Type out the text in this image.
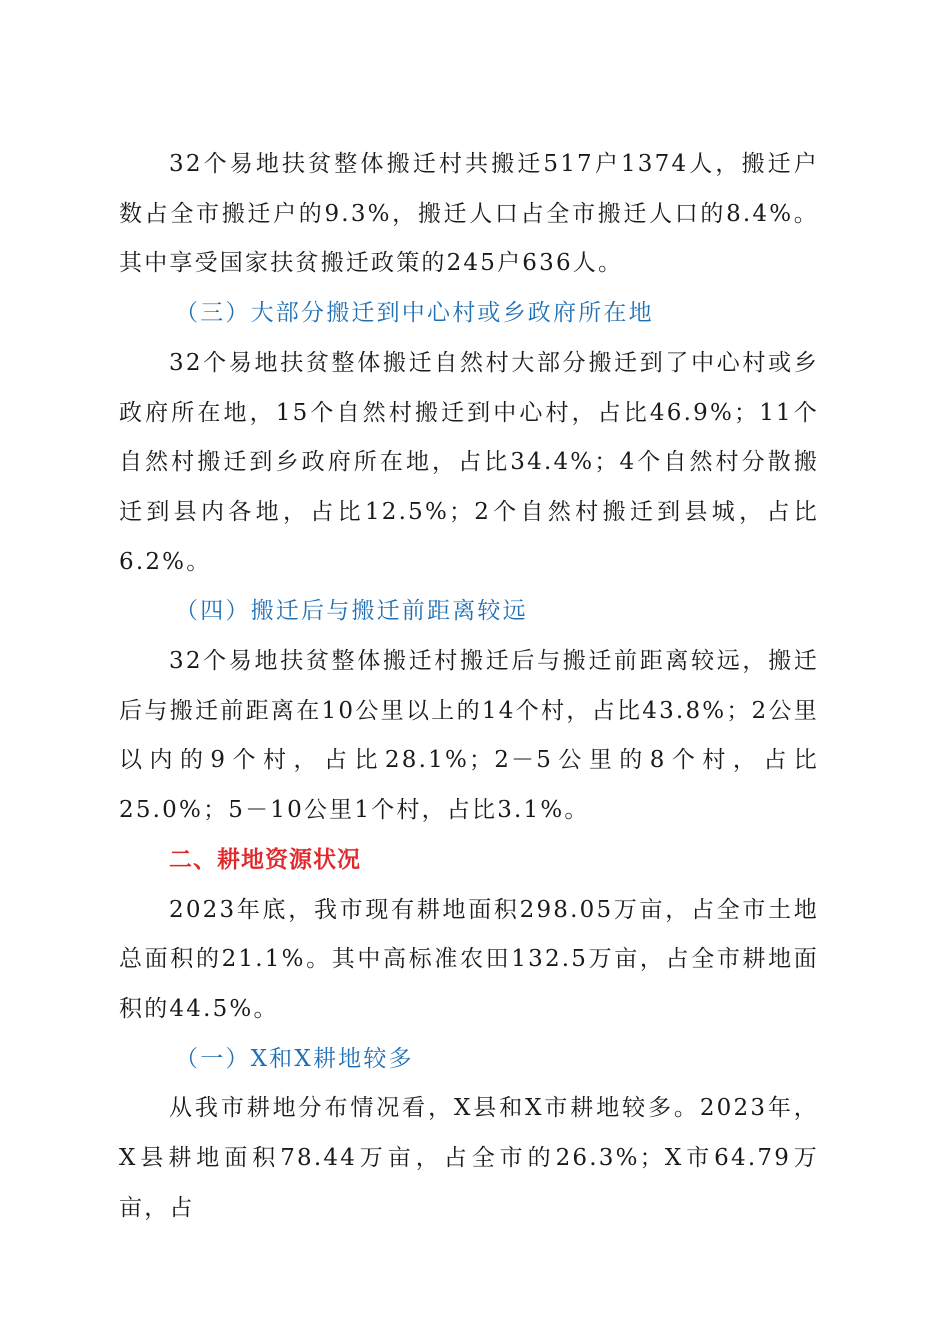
32个易地扶贫整体搬迁村共搬迁517户1374人，搬迁户数占全市搬迁户的9.3%，搬迁人口占全市搬迁人口的8.4%。其中享受国家扶贫搬迁政策的245户636人。

（三）大部分搬迁到中心村或乡政府所在地

32个易地扶贫整体搬迁自然村大部分搬迁到了中心村或乡政府所在地，15个自然村搬迁到中心村，占比46.9%；11个自然村搬迁到乡政府所在地，占比34.4%；4个自然村分散搬迁到县内各地，占比12.5%；2个自然村搬迁到县城，占比6.2%。

（四）搬迁后与搬迁前距离较远

32个易地扶贫整体搬迁村搬迁后与搬迁前距离较远，搬迁后与搬迁前距离在10公里以上的14个村，占比43.8%；2公里以内的9个村，占比28.1%；2－5公里的8个村，占比25.0%；5－10公里1个村，占比3.1%。

二、耕地资源状况

2023年底，我市现有耕地面积298.05万亩，占全市土地总面积的21.1%。其中高标准农田132.5万亩，占全市耕地面积的44.5%。

（一）X和X耕地较多

从我市耕地分布情况看，X县和X市耕地较多。2023年，X县耕地面积78.44万亩，占全市的26.3%；X市64.79万亩，占
